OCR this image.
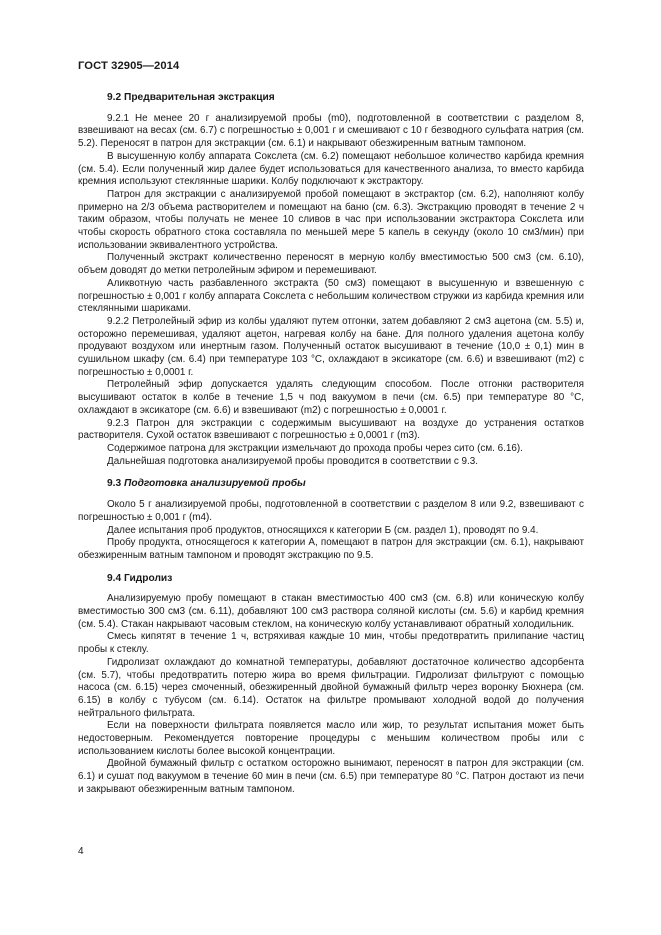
ГОСТ 32905—2014
9.2 Предварительная экстракция

9.2.1 Не менее 20 г анализируемой пробы (m0), подготовленной в соответствии с разделом 8, взвешивают на весах (см. 6.7) с погрешностью ± 0,001 г и смешивают с 10 г безводного сульфата натрия (см. 5.2). Переносят в патрон для экстракции (см. 6.1) и накрывают обезжиренным ватным тампоном.

В высушенную колбу аппарата Сокслета (см. 6.2) помещают небольшое количество карбида кремния (см. 5.4). Если полученный жир далее будет использоваться для качественного анализа, то вместо карбида кремния используют стеклянные шарики. Колбу подключают к экстрактору.

Патрон для экстракции с анализируемой пробой помещают в экстрактор (см. 6.2), наполняют колбу примерно на 2/3 объема растворителем и помещают на баню (см. 6.3). Экстракцию проводят в течение 2 ч таким образом, чтобы получать не менее 10 сливов в час при использовании экстрактора Сокслета или чтобы скорость обратного стока составляла по меньшей мере 5 капель в секунду (около 10 см3/мин) при использовании эквивалентного устройства.

Полученный экстракт количественно переносят в мерную колбу вместимостью 500 см3 (см. 6.10), объем доводят до метки петролейным эфиром и перемешивают.

Аликвотную часть разбавленного экстракта (50 см3) помещают в высушенную и взвешенную с погрешностью ± 0,001 г колбу аппарата Сокслета с небольшим количеством стружки из карбида кремния или стеклянными шариками.

9.2.2 Петролейный эфир из колбы удаляют путем отгонки, затем добавляют 2 см3 ацетона (см. 5.5) и, осторожно перемешивая, удаляют ацетон, нагревая колбу на бане. Для полного удаления ацетона колбу продувают воздухом или инертным газом. Полученный остаток высушивают в течение (10,0 ± 0,1) мин в сушильном шкафу (см. 6.4) при температуре 103 °С, охлаждают в эксикаторе (см. 6.6) и взвешивают (m2) с погрешностью ± 0,0001 г.

Петролейный эфир допускается удалять следующим способом. После отгонки растворителя высушивают остаток в колбе в течение 1,5 ч под вакуумом в печи (см. 6.5) при температуре 80 °С, охлаждают в эксикаторе (см. 6.6) и взвешивают (m2) с погрешностью ± 0,0001 г.

9.2.3 Патрон для экстракции с содержимым высушивают на воздухе до устранения остатков растворителя. Сухой остаток взвешивают с погрешностью ± 0,0001 г (m3).

Содержимое патрона для экстракции измельчают до прохода пробы через сито (см. 6.16).

Дальнейшая подготовка анализируемой пробы проводится в соответствии с 9.3.

9.3 Подготовка анализируемой пробы

Около 5 г анализируемой пробы, подготовленной в соответствии с разделом 8 или 9.2, взвешивают с погрешностью ± 0,001 г (m4).

Далее испытания проб продуктов, относящихся к категории Б (см. раздел 1), проводят по 9.4.

Пробу продукта, относящегося к категории А, помещают в патрон для экстракции (см. 6.1), накрывают обезжиренным ватным тампоном и проводят экстракцию по 9.5.

9.4 Гидролиз

Анализируемую пробу помещают в стакан вместимостью 400 см3 (см. 6.8) или коническую колбу вместимостью 300 см3 (см. 6.11), добавляют 100 см3 раствора соляной кислоты (см. 5.6) и карбид кремния (см. 5.4). Стакан накрывают часовым стеклом, на коническую колбу устанавливают обратный холодильник.

Смесь кипятят в течение 1 ч, встряхивая каждые 10 мин, чтобы предотвратить прилипание частиц пробы к стеклу.

Гидролизат охлаждают до комнатной температуры, добавляют достаточное количество адсорбента (см. 5.7), чтобы предотвратить потерю жира во время фильтрации. Гидролизат фильтруют с помощью насоса (см. 6.15) через смоченный, обезжиренный двойной бумажный фильтр через воронку Бюхнера (см. 6.15) в колбу с тубусом (см. 6.14). Остаток на фильтре промывают холодной водой до получения нейтрального фильтрата.

Если на поверхности фильтрата появляется масло или жир, то результат испытания может быть недостоверным. Рекомендуется повторение процедуры с меньшим количеством пробы или с использованием кислоты более высокой концентрации.

Двойной бумажный фильтр с остатком осторожно вынимают, переносят в патрон для экстракции (см. 6.1) и сушат под вакуумом в течение 60 мин в печи (см. 6.5) при температуре 80 °С. Патрон достают из печи и закрывают обезжиренным ватным тампоном.

4
